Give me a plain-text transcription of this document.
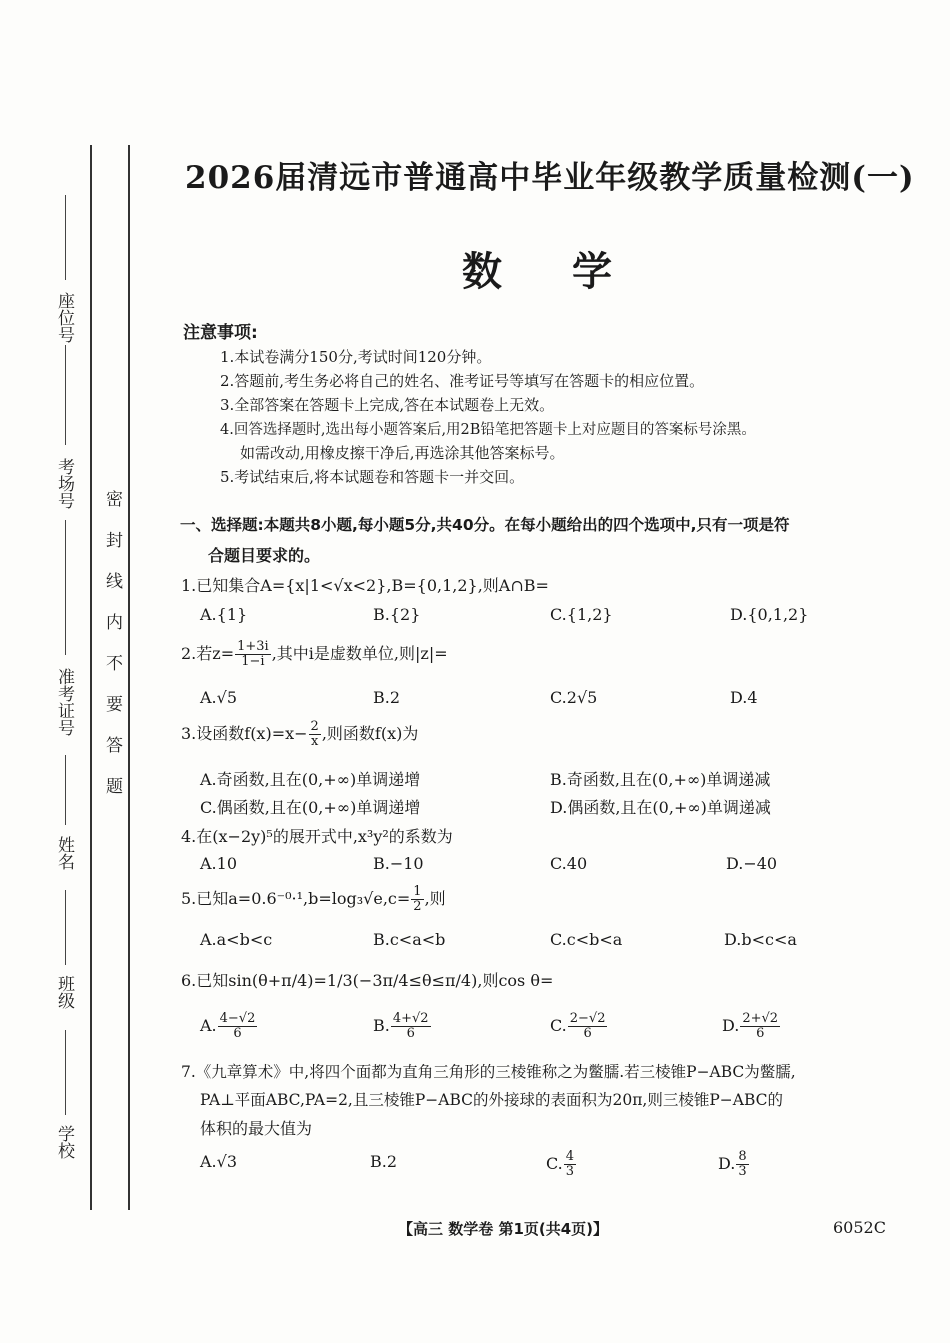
座位号
考场号
准考证号
姓名
班级
学校
密封线内不要答题
2026届清远市普通高中毕业年级教学质量检测(一)
数学
注意事项:
1.本试卷满分150分,考试时间120分钟。
2.答题前,考生务必将自己的姓名、准考证号等填写在答题卡的相应位置。
3.全部答案在答题卡上完成,答在本试题卷上无效。
4.回答选择题时,选出每小题答案后,用2B铅笔把答题卡上对应题目的答案标号涂黑。
如需改动,用橡皮擦干净后,再选涂其他答案标号。
5.考试结束后,将本试题卷和答题卡一并交回。
一、选择题:本题共8小题,每小题5分,共40分。在每小题给出的四个选项中,只有一项是符
合题目要求的。
1.已知集合A={x|1<√x<2},B={0,1,2},则A∩B=
A.{1}	B.{2}	C.{1,2}	D.{0,1,2}
2.若$z= \frac{1+3i}{1-i}$ ,其中i是虚数单位,则|z|=
A.√5	B.2	C.2√5	D.4
3.设函数$f(x)=x- \frac{2}{x}$ ,则函数f(x)为
A.奇函数,且在(0,+∞)单调递增	B.奇函数,且在(0,+∞)单调递减
C.偶函数,且在(0,+∞)单调递增	D.偶函数,且在(0,+∞)单调递减
4.在(x−2y)⁵的展开式中,x³y²的系数为
A.10	B.−10	C.40	D.−40
5.已知$a=0.6^{-0}\cdot^1,b=\log_3√e,c= \frac{1}{2}$ ,则
A.a<b<c	B.c<a<b	C.c<b<a	D.b<c<a
6.已知sin(θ+π/4)=1/3(−3π/4≤θ≤π/4),则cos θ=
A. $\frac{4-√2}{6}$	B. $\frac{4+√2}{6}$	C. $\frac{2-√2}{6}$	D. $\frac{2+√2}{6}$
7.《九章算术》中,将四个面都为直角三角形的三棱锥称之为鳖臑.若三棱锥P−ABC为鳖臑,
PA⊥平面ABC,PA=2,且三棱锥P−ABC的外接球的表面积为20π,则三棱锥P−ABC的
体积的最大值为
A.√3	B.2	C. $\frac{4}{3}$	D. $\frac{8}{3}$
【高三 数学卷 第1页(共4页)】	6052C
